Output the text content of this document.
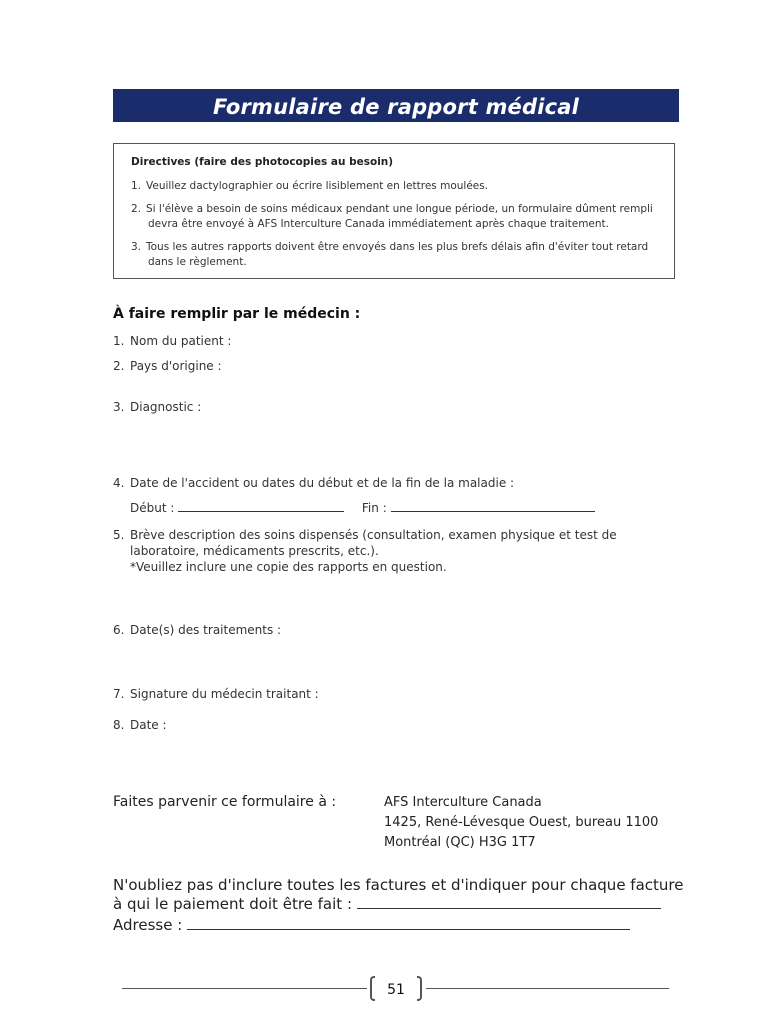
Formulaire de rapport médical
Directives (faire des photocopies au besoin)
1. Veuillez dactylographier ou écrire lisiblement en lettres moulées.
2. Si l'élève a besoin de soins médicaux pendant une longue période, un formulaire dûment rempli
devra être envoyé à AFS Interculture Canada immédiatement après chaque traitement.
3. Tous les autres rapports doivent être envoyés dans les plus brefs délais afin d'éviter tout retard
dans le règlement.
À faire remplir par le médecin :
1. Nom du patient :
2. Pays d'origine :
3. Diagnostic :
4. Date de l'accident ou dates du début et de la fin de la maladie :
Début :	Fin :
5. Brève description des soins dispensés (consultation, examen physique et test de
laboratoire, médicaments prescrits, etc.).
*Veuillez inclure une copie des rapports en question.
6. Date(s) des traitements :
7. Signature du médecin traitant :
8. Date :
Faites parvenir ce formulaire à :	AFS Interculture Canada
1425, René-Lévesque Ouest, bureau 1100
Montréal (QC) H3G 1T7
N'oubliez pas d'inclure toutes les factures et d'indiquer pour chaque facture
à qui le paiement doit être fait :
Adresse :
51
